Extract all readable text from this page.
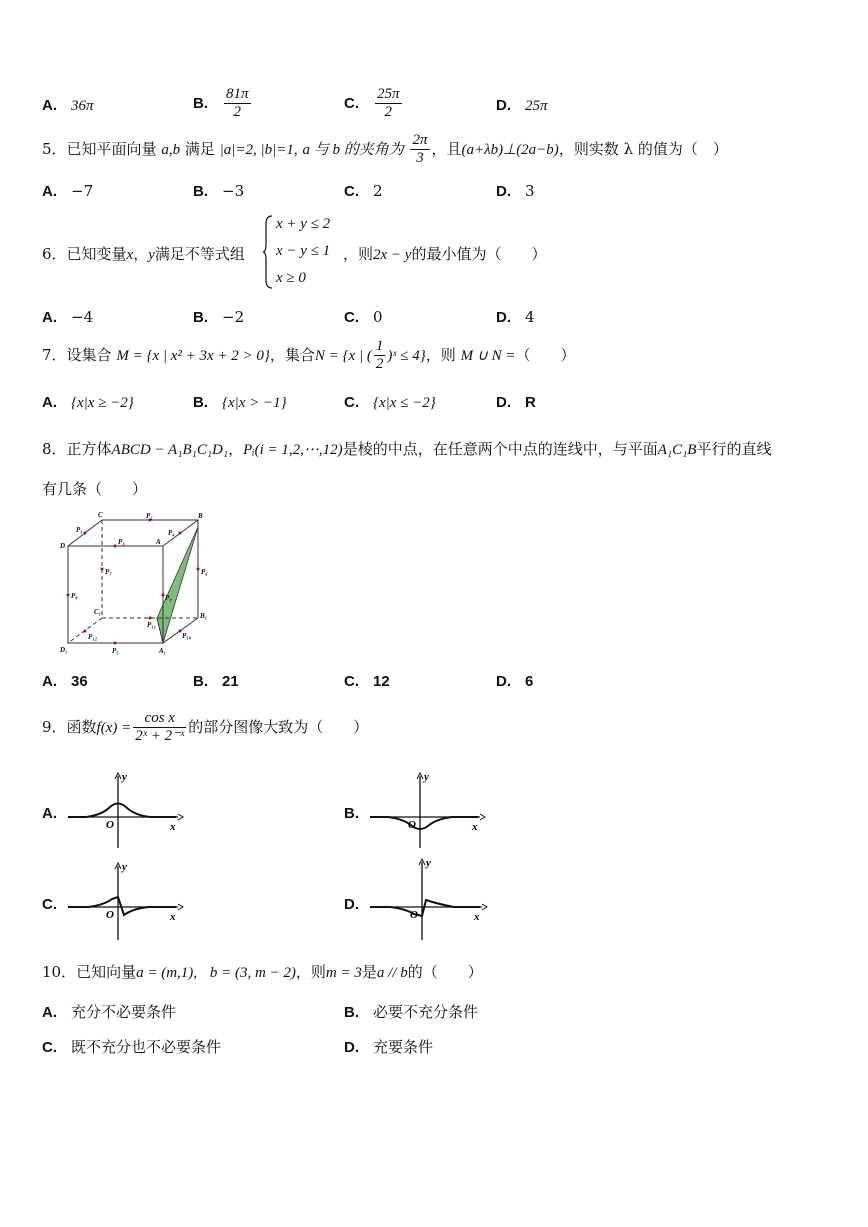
A. 36π	B. $\frac{81\pi}{2}$	C. $\frac{25\pi}{2}$	D. 25π
5．已知平面向量 a,b 满足 |a|=2, |b|=1, a 与 b 的夹角为 $\frac{2\pi}{3}$ ，且(a+λb)⊥(2a−b)，则实数 λ 的值为（　）
A. −7	B. −3	C. 2	D. 3
6．已知变量x，y满足不等式组
x + y ≤ 2
x − y ≤ 1
x ≥ 0
，则2x − y的最小值为（　　）
A. −4	B. −2	C. 0	D. 4
7．设集合 M = {x | x² + 3x + 2 > 0}，集合N = {x | ( $\frac{1}{2}$ )ˣ ≤ 4}，则 M ∪ N =（　　）
A. {x|x ≥ −2}	B. {x|x > −1}	C. {x|x ≤ −2}	D. R
8．正方体ABCD − A₁B₁C₁D₁，Pᵢ(i = 1,2,⋯,12)是棱的中点，在任意两个中点的连线中，与平面A₁C₁B平行的直线
有几条（　　）
C	P₂	B
P₁
D	P₃	A
P₄
P₇	P₆
P₈	P₉
C₁	B₁
P₁₁
P₁₂	P₁₀
D₁	P₅	A₁
A. 36	B. 21	C. 12	D. 6
9．函数$f(x) = \frac{\text{cos x}}{\text{2ˣ + 2⁻ˣ}}$ 的部分图像大致为（　　）
A.
y
O	x
B.
y
O	x
C.
y
O	x
D.
y
O	x
10．已知向量a = (m,1), b = (3, m − 2)，则m = 3是a // b的（　　）
A. 充分不必要条件	B. 必要不充分条件
C. 既不充分也不必要条件	D. 充要条件
